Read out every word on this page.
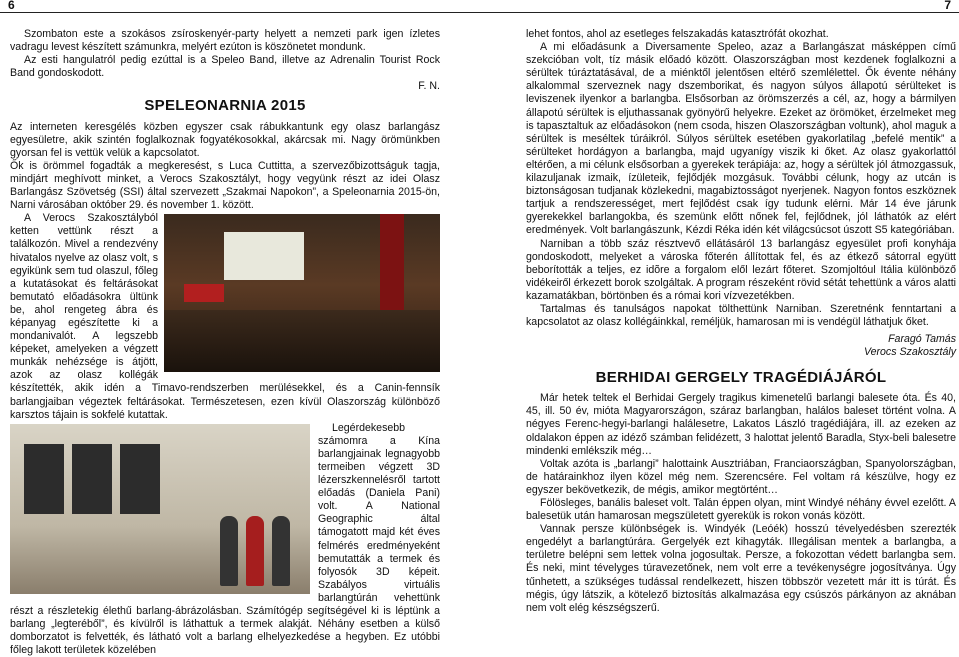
6	7

Szombaton este a szokásos zsíroskenyér-party helyett a nemzeti park igen ízletes vadragu levest készített számunkra, melyért ezúton is köszönetet mondunk.

Az esti hangulatról pedig ezúttal is a Speleo Band, illetve az Adrenalin Tourist Rock Band gondoskodott.

F. N.

SPELEONARNIA 2015

Az interneten keresgélés közben egyszer csak rábukkantunk egy olasz barlangász egyesületre, akik szintén foglalkoznak fogyatékosokkal, akárcsak mi. Nagy örömünkben gyorsan fel is vettük velük a kapcsolatot.

Ők is örömmel fogadták a megkeresést, s Luca Cuttitta, a szervezőbizottságuk tagja, mindjárt meghívott minket, a Verocs Szakosztályt, hogy vegyünk részt az idei Olasz Barlangász Szövetség (SSI) által szervezett „Szakmai Napokon”, a Speleonarnia 2015-ön, Narni városában október 29. és november 1. között.

A Verocs Szakosztályból ketten vettünk részt a találkozón. Mivel a rendezvény hivatalos nyelve az olasz volt, s egyikünk sem tud olaszul, főleg a kutatásokat és feltárásokat bemutató előadásokra ültünk be, ahol rengeteg ábra és képanyag egészítette ki a mondanivalót. A legszebb képeket, amelyeken a végzett munkák nehézsége is átjött, azok az olasz kollégák készítették, akik idén a Timavo-rendszerben merülésekkel, és a Canin-fennsík barlangjaiban végeztek feltárásokat. Természetesen, ezen kívül Olaszország különböző karsztos tájain is sokfelé kutattak.

Legérdekesebb számomra a Kína barlangjainak legnagyobb termeiben végzett 3D lézerszkennelésről tartott előadás (Daniela Pani) volt. A National Geographic által támogatott majd két éves felmérés eredményeként bemutatták a termek és folyosók 3D képeit. Szabályos virtuális barlangtúrán vehettünk részt a részletekig élethű barlang-ábrázolásban. Számítógép segítségével ki is léptünk a barlang „legteréből”, és kívülről is láthattuk a termek alakját. Néhány esetben a külső domborzatot is felvették, és látható volt a barlang elhelyezkedése a hegyben. Ez utóbbi főleg lakott területek közelében

lehet fontos, ahol az esetleges felszakadás katasztrófát okozhat.

A mi előadásunk a Diversamente Speleo, azaz a Barlangászat másképpen című szekcióban volt, tíz másik előadó között. Olaszországban most kezdenek foglalkozni a sérültek túráztatásával, de a miénktől jelentősen eltérő szemlélettel. Ők évente néhány alkalommal szerveznek nagy dszemborikat, és nagyon súlyos állapotú sérülteket is leviszenek ilyenkor a barlangba. Elsősorban az örömszerzés a cél, az, hogy a bármilyen állapotú sérültek is eljuthassanak gyönyörű helyekre. Ezeket az örömöket, érzelmeket meg is tapasztaltuk az előadásokon (nem csoda, hiszen Olaszországban voltunk), ahol maguk a sérültek is meséltek túráikról. Súlyos sérültek esetében gyakorlatilag „befelé mentik” a sérülteket hordágyon a barlangba, majd ugyanígy viszik ki őket. Az olasz gyakorlattól eltérően, a mi célunk elsősorban a gyerekek terápiája: az, hogy a sérültek jól átmozgassuk, kilazuljanak izmaik, ízületeik, fejlődjék mozgásuk. További célunk, hogy az utcán is biztonságosan tudjanak közlekedni, magabiztosságot nyerjenek. Nagyon fontos eszköznek tartjuk a rendszerességet, mert fejlődést csak így tudunk elérni. Már 14 éve járunk gyerekekkel barlangokba, és szemünk előtt nőnek fel, fejlődnek, jól láthatók az elért eredmények. Volt barlangászunk, Kézdi Réka idén két világcsúcsot úszott S5 kategóriában.

Narniban a több száz résztvevő ellátásáról 13 barlangász egyesület profi konyhája gondoskodott, melyeket a városka főterén állítottak fel, és az étkező sátorral együtt beborították a teljes, ez idõre a forgalom elől lezárt főteret. Szomjoltóul Itália különböző vidékeiről érkezett borok szolgáltak. A program részeként rövid sétát tehettünk a város alatti kazamatákban, börtönben és a római kori vízvezetékben.

Tartalmas és tanulságos napokat tölthettünk Narniban. Szeretnénk fenntartani a kapcsolatot az olasz kollégáinkkal, reméljük, hamarosan mi is vendégül láthatjuk őket.

Faragó Tamás
Verocs Szakosztály
BERHIDAI GERGELY TRAGÉDIÁJÁRÓL

Már hetek teltek el Berhidai Gergely tragikus kimenetelű barlangi balesete óta. És 40, 45, ill. 50 év, mióta Magyarországon, száraz barlangban, halálos baleset történt volna. A négyes Ferenc-hegyi-barlangi halálesetre, Lakatos László tragédiájára, ill. az ezeken az oldalakon éppen az idéző számban felidézett, 3 halottat jelentő Baradla, Styx-beli balesetre mindenki emlékszik még…

Voltak azóta is „barlangi” halottaink Ausztriában, Franciaországban, Spanyolországban, de határainkhoz ilyen közel még nem. Szerencsére. Fel voltam rá készülve, hogy ez egyszer bekövetkezik, de mégis, amikor megtörtént…

Fölösleges, banális baleset volt. Talán éppen olyan, mint Windyé néhány évvel ezelőtt. A balesetük után hamarosan megszületett gyerekük is rokon vonás között.

Vannak persze különbségek is. Windyék (Leóék) hosszú tévelyedésben szerezték engedélyt a barlangtúrára. Gergelyék ezt kihagyták. Illegálisan mentek a barlangba, a területre belépni sem lettek volna jogosultak. Persze, a fokozottan védett barlangba sem. És neki, mint tévelyges túravezetőnek, nem volt erre a tevékenységre jogosítványa. Úgy tűnhetett, a szükséges tudással rendelkezett, hiszen többször vezetett már itt is túrát. És mégis, úgy látszik, a kötelező biztosítás alkalmazása egy csúszós párkányon az aknában nem volt elég készségszerű.
